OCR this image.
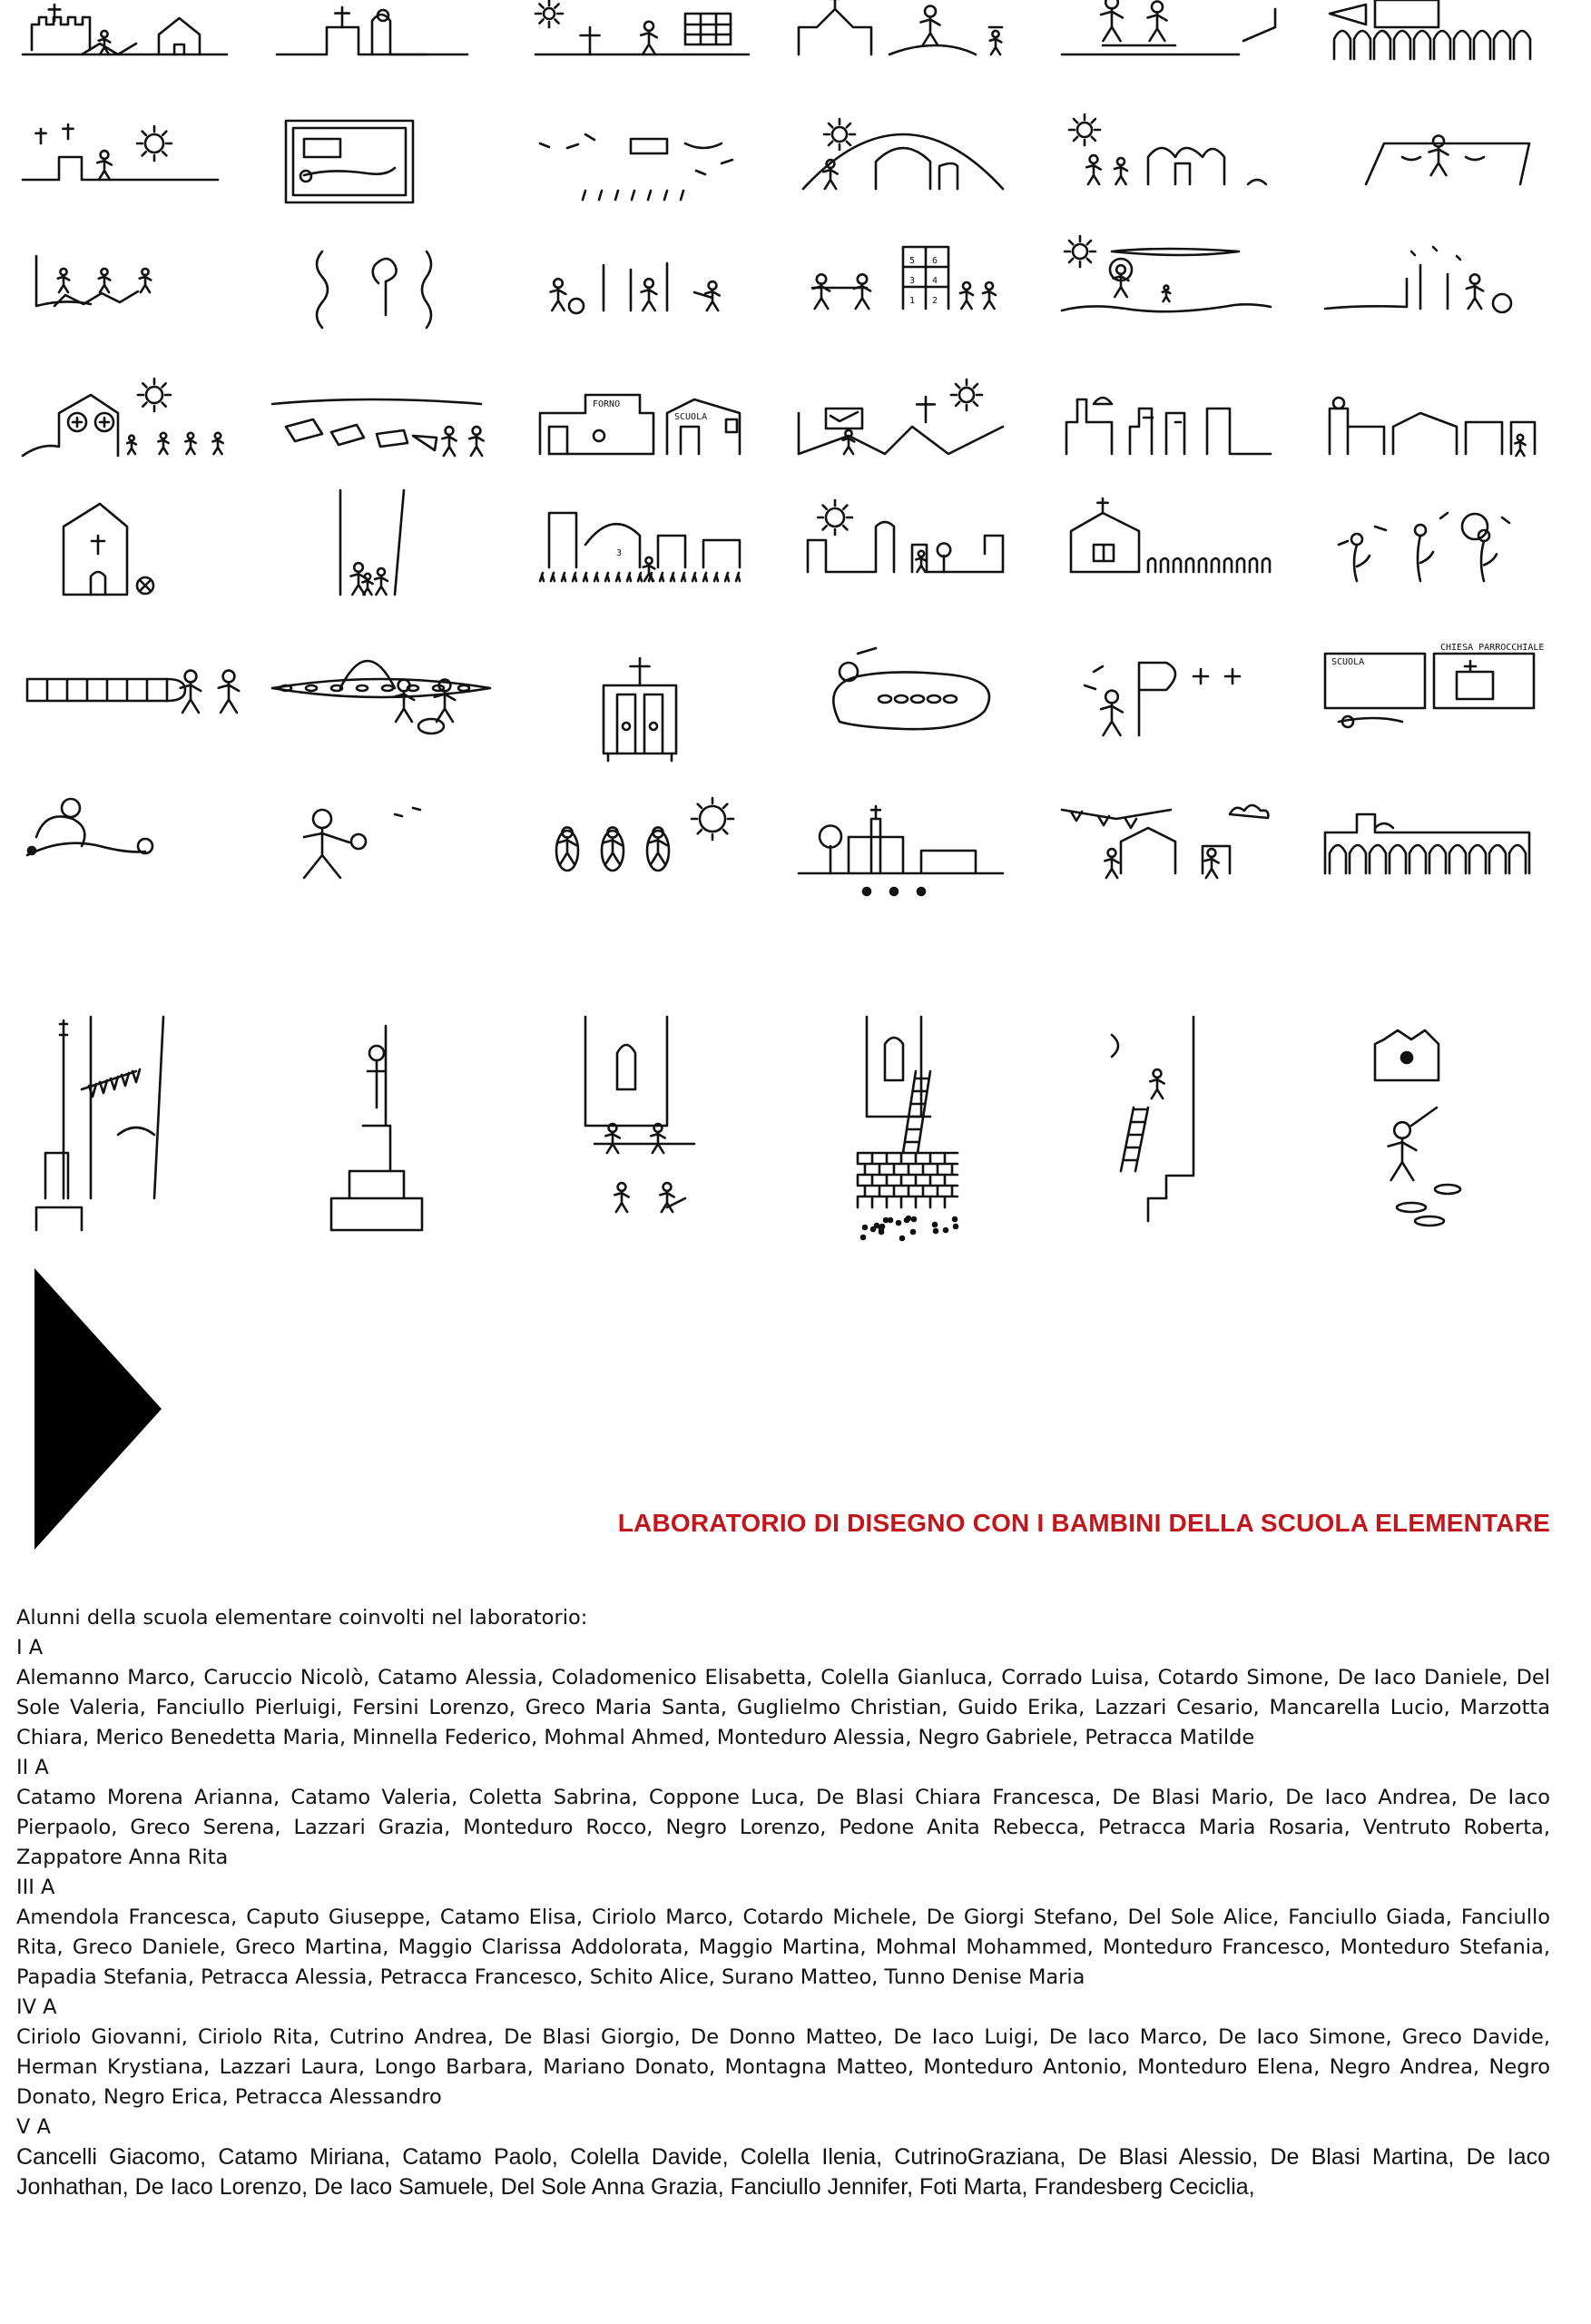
5 6
3 4
1 2
FORNO
SCUOLA
3
SCUOLA
CHIESA PARROCCHIALE
LABORATORIO DI DISEGNO CON I BAMBINI DELLA SCUOLA ELEMENTARE
Alunni della scuola elementare coinvolti nel laboratorio:
I A
Alemanno Marco, Caruccio Nicolò, Catamo Alessia, Coladomenico Elisabetta, Colella Gianluca, Corrado Luisa, Cotardo Simone, De Iaco Daniele, Del Sole Valeria, Fanciullo Pierluigi, Fersini Lorenzo, Greco Maria Santa, Guglielmo Christian, Guido Erika, Lazzari Cesario, Mancarella Lucio, Marzotta Chiara, Merico Benedetta Maria, Minnella Federico, Mohmal Ahmed, Monteduro Alessia, Negro Gabriele, Petracca Matilde
II A
Catamo Morena Arianna, Catamo Valeria, Coletta Sabrina, Coppone Luca, De Blasi Chiara Francesca, De Blasi Mario, De Iaco Andrea, De Iaco Pierpaolo, Greco Serena, Lazzari Grazia, Monteduro Rocco, Negro Lorenzo, Pedone Anita Rebecca, Petracca Maria Rosaria, Ventruto Roberta, Zappatore Anna Rita
III A
Amendola Francesca, Caputo Giuseppe, Catamo Elisa, Ciriolo Marco, Cotardo Michele, De Giorgi Stefano, Del Sole Alice, Fanciullo Giada, Fanciullo Rita, Greco Daniele, Greco Martina, Maggio Clarissa Addolorata, Maggio Martina, Mohmal Mohammed, Monteduro Francesco, Monteduro Stefania, Papadia Stefania, Petracca Alessia, Petracca Francesco, Schito Alice, Surano Matteo, Tunno Denise Maria
IV A
Ciriolo Giovanni, Ciriolo Rita, Cutrino Andrea, De Blasi Giorgio, De Donno Matteo, De Iaco Luigi, De Iaco Marco, De Iaco Simone, Greco Davide, Herman Krystiana, Lazzari Laura, Longo Barbara, Mariano Donato, Montagna Matteo, Monteduro Antonio, Monteduro Elena, Negro Andrea, Negro Donato, Negro Erica, Petracca Alessandro
V A
Cancelli Giacomo, Catamo Miriana, Catamo Paolo, Colella Davide, Colella Ilenia, CutrinoGraziana, De Blasi Alessio, De Blasi Martina, De Iaco Jonhathan, De Iaco Lorenzo, De Iaco Samuele, Del Sole Anna Grazia, Fanciullo Jennifer, Foti Marta, Frandesberg Ceciclia,
